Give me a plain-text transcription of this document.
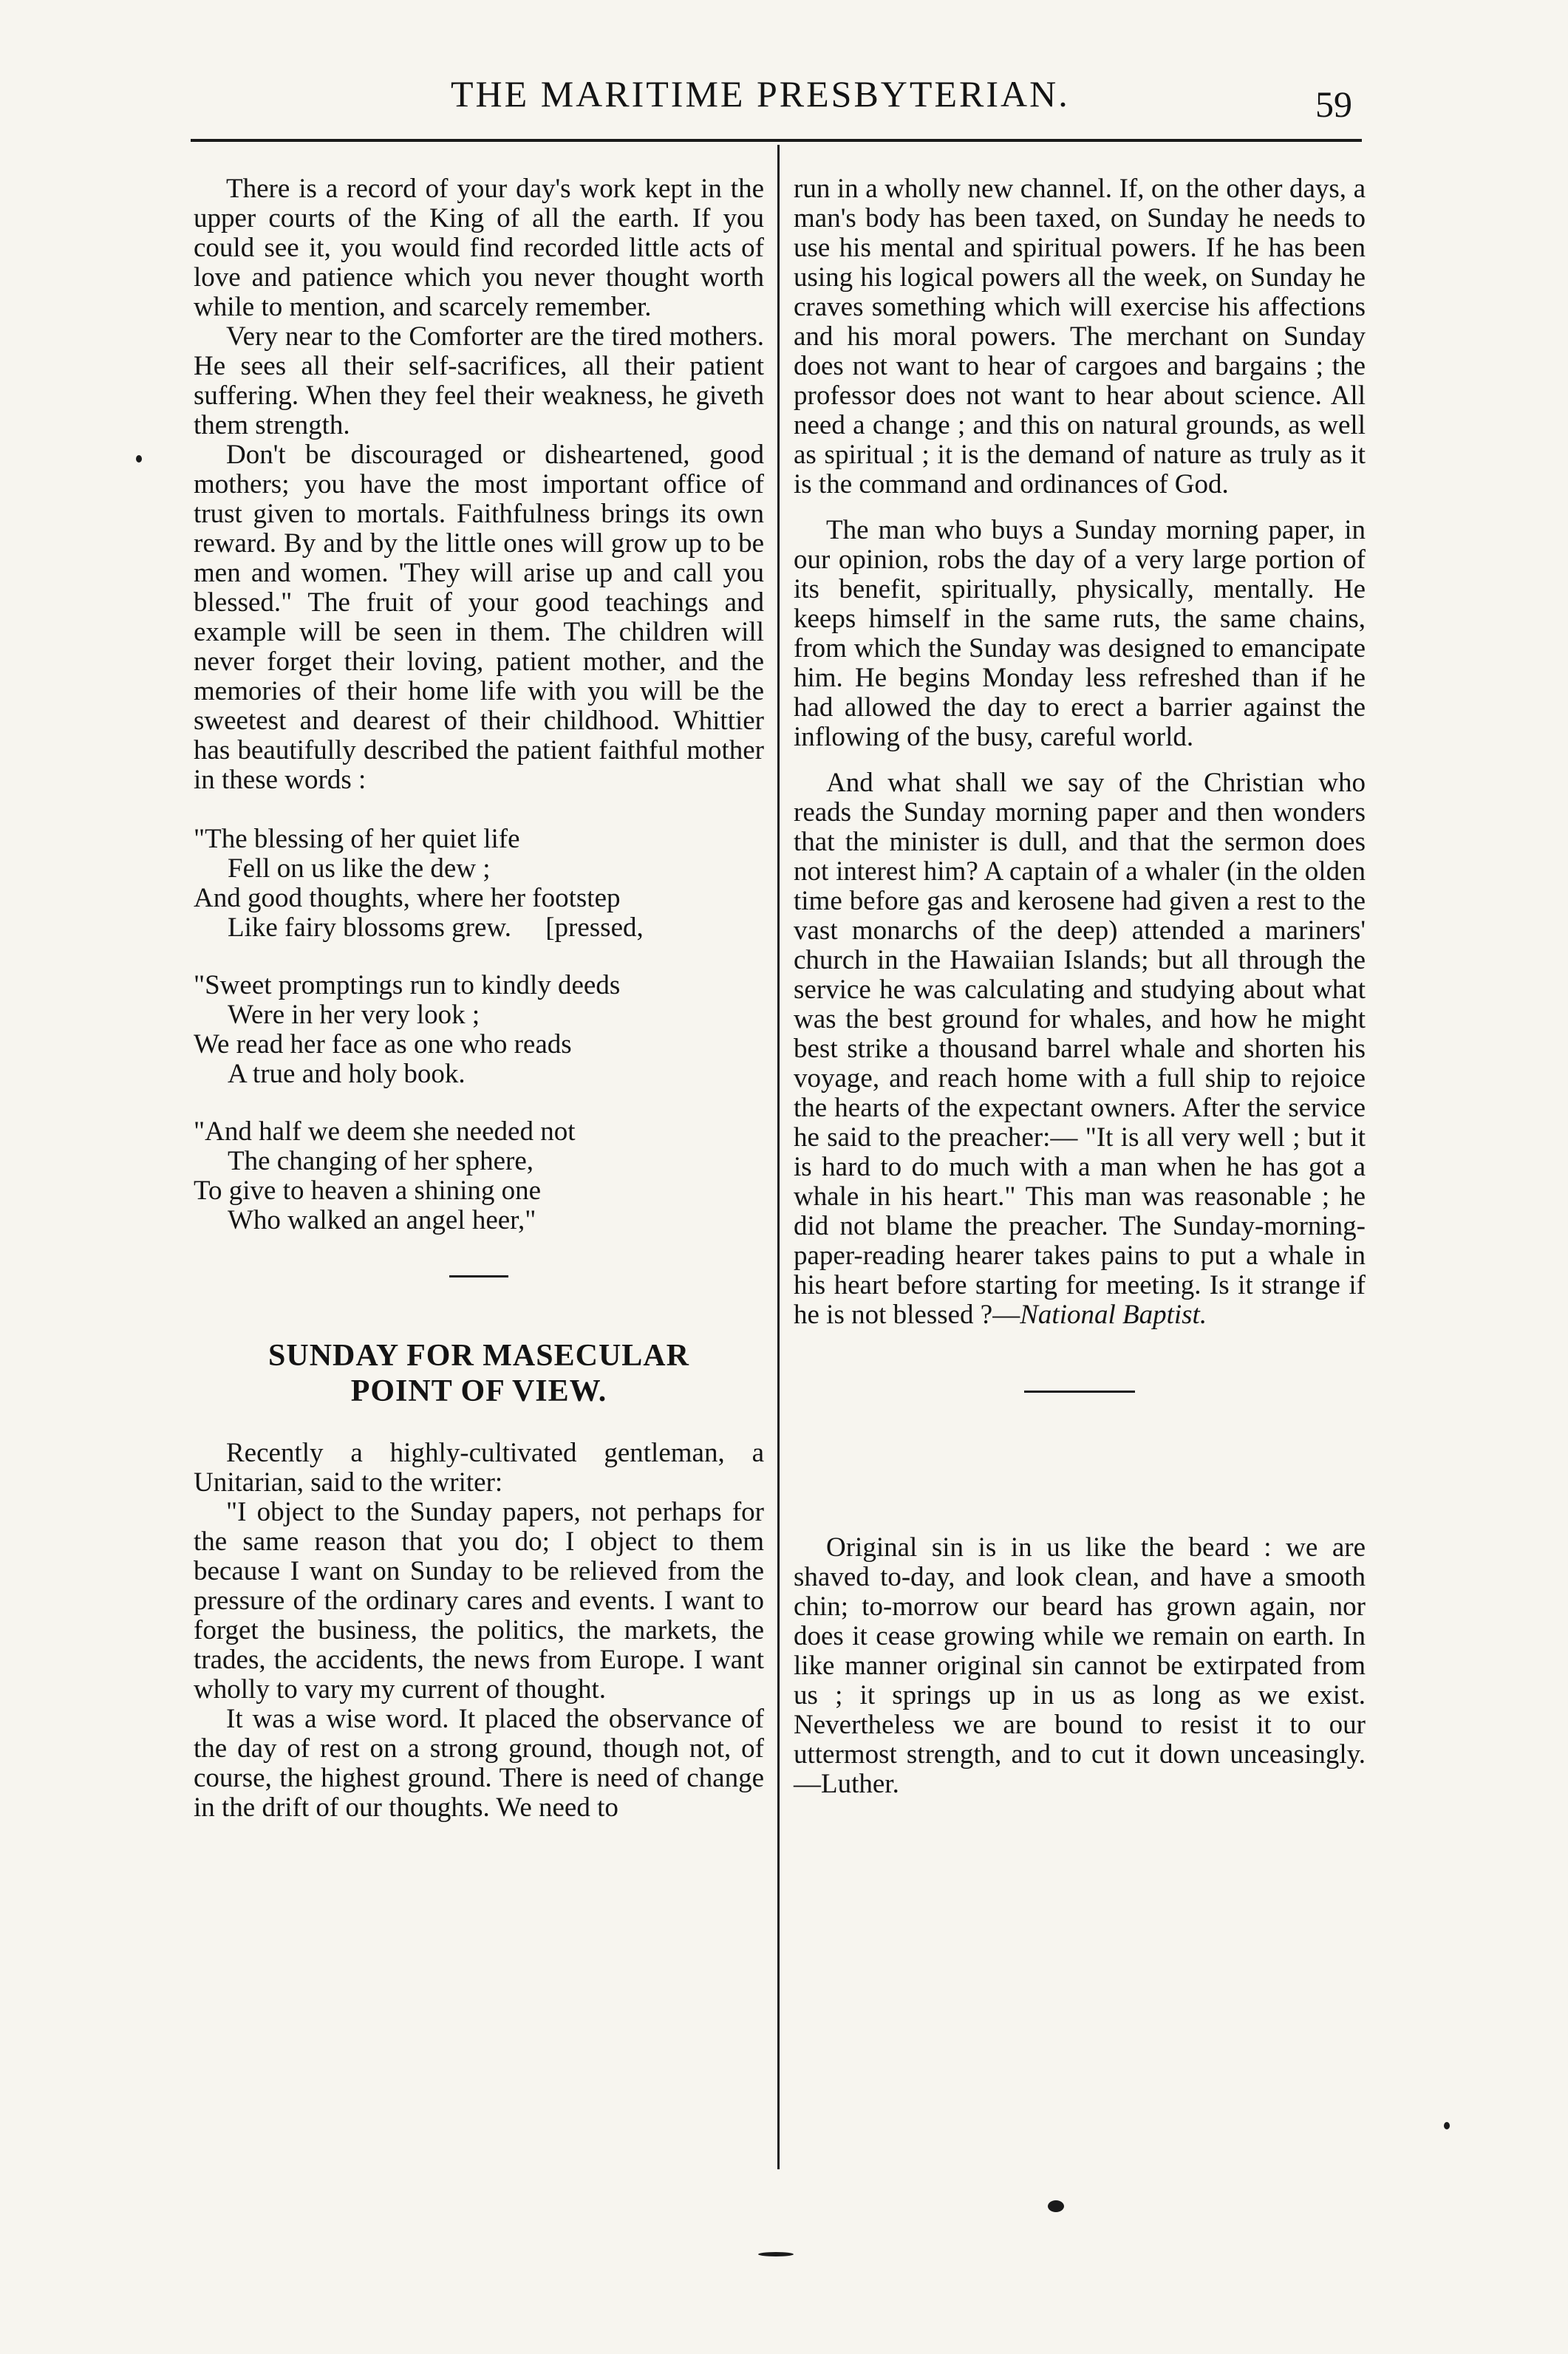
THE MARITIME PRESBYTERIAN.	59

There is a record of your day's work kept in the upper courts of the King of all the earth. If you could see it, you would find recorded little acts of love and patience which you never thought worth while to mention, and scarcely remember.

Very near to the Comforter are the tired mothers. He sees all their self-sacrifices, all their patient suffering. When they feel their weakness, he giveth them strength.

Don't be discouraged or disheartened, good mothers; you have the most important office of trust given to mortals. Faithfulness brings its own reward. By and by the little ones will grow up to be men and women. 'They will arise up and call you blessed." The fruit of your good teachings and example will be seen in them. The children will never forget their loving, patient mother, and the memories of their home life with you will be the sweetest and dearest of their childhood. Whittier has beautifully described the patient faithful mother in these words :

"The blessing of her quiet life
Fell on us like the dew ;
And good thoughts, where her footstep
Like fairy blossoms grew. [pressed,
"Sweet promptings run to kindly deeds
Were in her very look ;
We read her face as one who reads
A true and holy book.
"And half we deem she needed not
The changing of her sphere,
To give to heaven a shining one
Who walked an angel heer,"
SUNDAY FOR MASECULAR
POINT OF VIEW.

Recently a highly-cultivated gentleman, a Unitarian, said to the writer:

"I object to the Sunday papers, not perhaps for the same reason that you do; I object to them because I want on Sunday to be relieved from the pressure of the ordinary cares and events. I want to forget the business, the politics, the markets, the trades, the accidents, the news from Europe. I want wholly to vary my current of thought.

It was a wise word. It placed the observance of the day of rest on a strong ground, though not, of course, the highest ground. There is need of change in the drift of our thoughts. We need to

run in a wholly new channel. If, on the other days, a man's body has been taxed, on Sunday he needs to use his mental and spiritual powers. If he has been using his logical powers all the week, on Sunday he craves something which will exercise his affections and his moral powers. The merchant on Sunday does not want to hear of cargoes and bargains ; the professor does not want to hear about science. All need a change ; and this on natural grounds, as well as spiritual ; it is the demand of nature as truly as it is the command and ordinances of God.

The man who buys a Sunday morning paper, in our opinion, robs the day of a very large portion of its benefit, spiritually, physically, mentally. He keeps himself in the same ruts, the same chains, from which the Sunday was designed to emancipate him. He begins Monday less refreshed than if he had allowed the day to erect a barrier against the inflowing of the busy, careful world.

And what shall we say of the Christian who reads the Sunday morning paper and then wonders that the minister is dull, and that the sermon does not interest him? A captain of a whaler (in the olden time before gas and kerosene had given a rest to the vast monarchs of the deep) attended a mariners' church in the Hawaiian Islands; but all through the service he was calculating and studying about what was the best ground for whales, and how he might best strike a thousand barrel whale and shorten his voyage, and reach home with a full ship to rejoice the hearts of the expectant owners. After the service he said to the preacher:— "It is all very well ; but it is hard to do much with a man when he has got a whale in his heart." This man was reasonable ; he did not blame the preacher. The Sunday-morning-paper-reading hearer takes pains to put a whale in his heart before starting for meeting. Is it strange if he is not blessed ?—National Baptist.

Original sin is in us like the beard : we are shaved to-day, and look clean, and have a smooth chin; to-morrow our beard has grown again, nor does it cease growing while we remain on earth. In like manner original sin cannot be extirpated from us ; it springs up in us as long as we exist. Nevertheless we are bound to resist it to our uttermost strength, and to cut it down unceasingly.—Luther.
